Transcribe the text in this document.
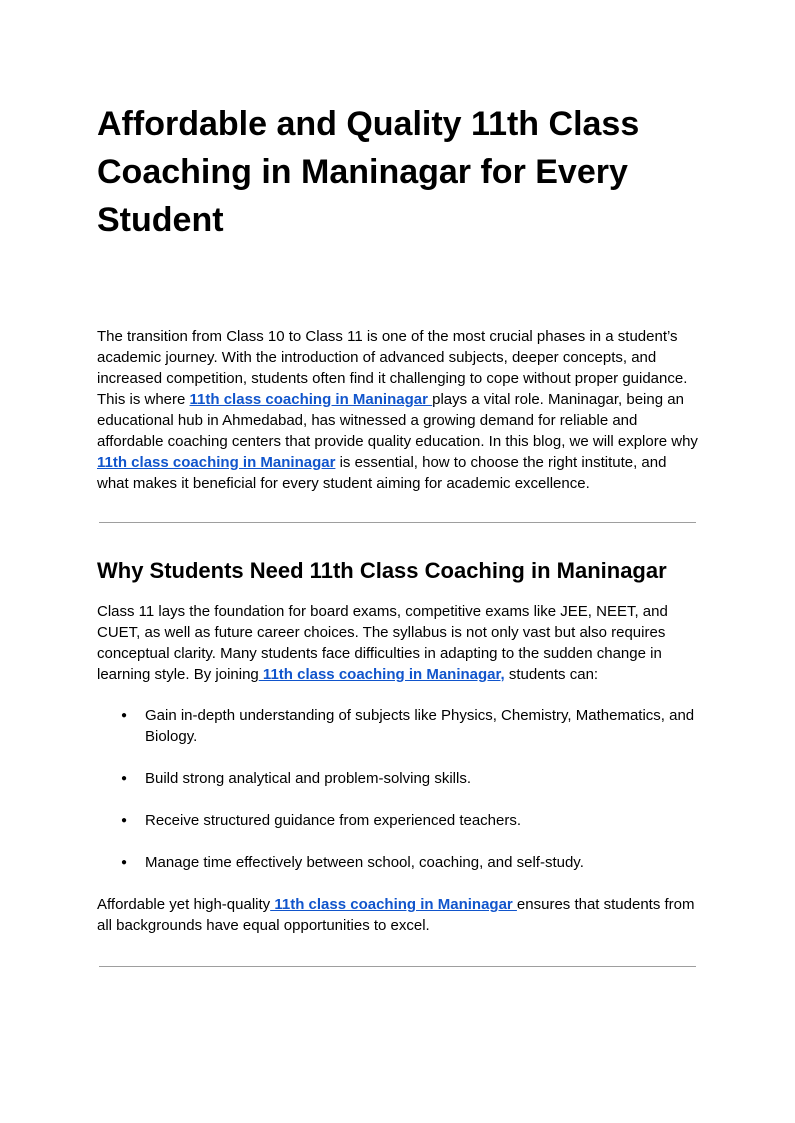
Affordable and Quality 11th Class Coaching in Maninagar for Every Student

The transition from Class 10 to Class 11 is one of the most crucial phases in a student’s academic journey. With the introduction of advanced subjects, deeper concepts, and increased competition, students often find it challenging to cope without proper guidance. This is where 11th class coaching in Maninagar plays a vital role. Maninagar, being an educational hub in Ahmedabad, has witnessed a growing demand for reliable and affordable coaching centers that provide quality education. In this blog, we will explore why 11th class coaching in Maninagar is essential, how to choose the right institute, and what makes it beneficial for every student aiming for academic excellence.

Why Students Need 11th Class Coaching in Maninagar

Class 11 lays the foundation for board exams, competitive exams like JEE, NEET, and CUET, as well as future career choices. The syllabus is not only vast but also requires conceptual clarity. Many students face difficulties in adapting to the sudden change in learning style. By joining 11th class coaching in Maninagar, students can:

● Gain in-depth understanding of subjects like Physics, Chemistry, Mathematics, and Biology.
● Build strong analytical and problem-solving skills.
● Receive structured guidance from experienced teachers.
● Manage time effectively between school, coaching, and self-study.

Affordable yet high-quality 11th class coaching in Maninagar ensures that students from all backgrounds have equal opportunities to excel.
